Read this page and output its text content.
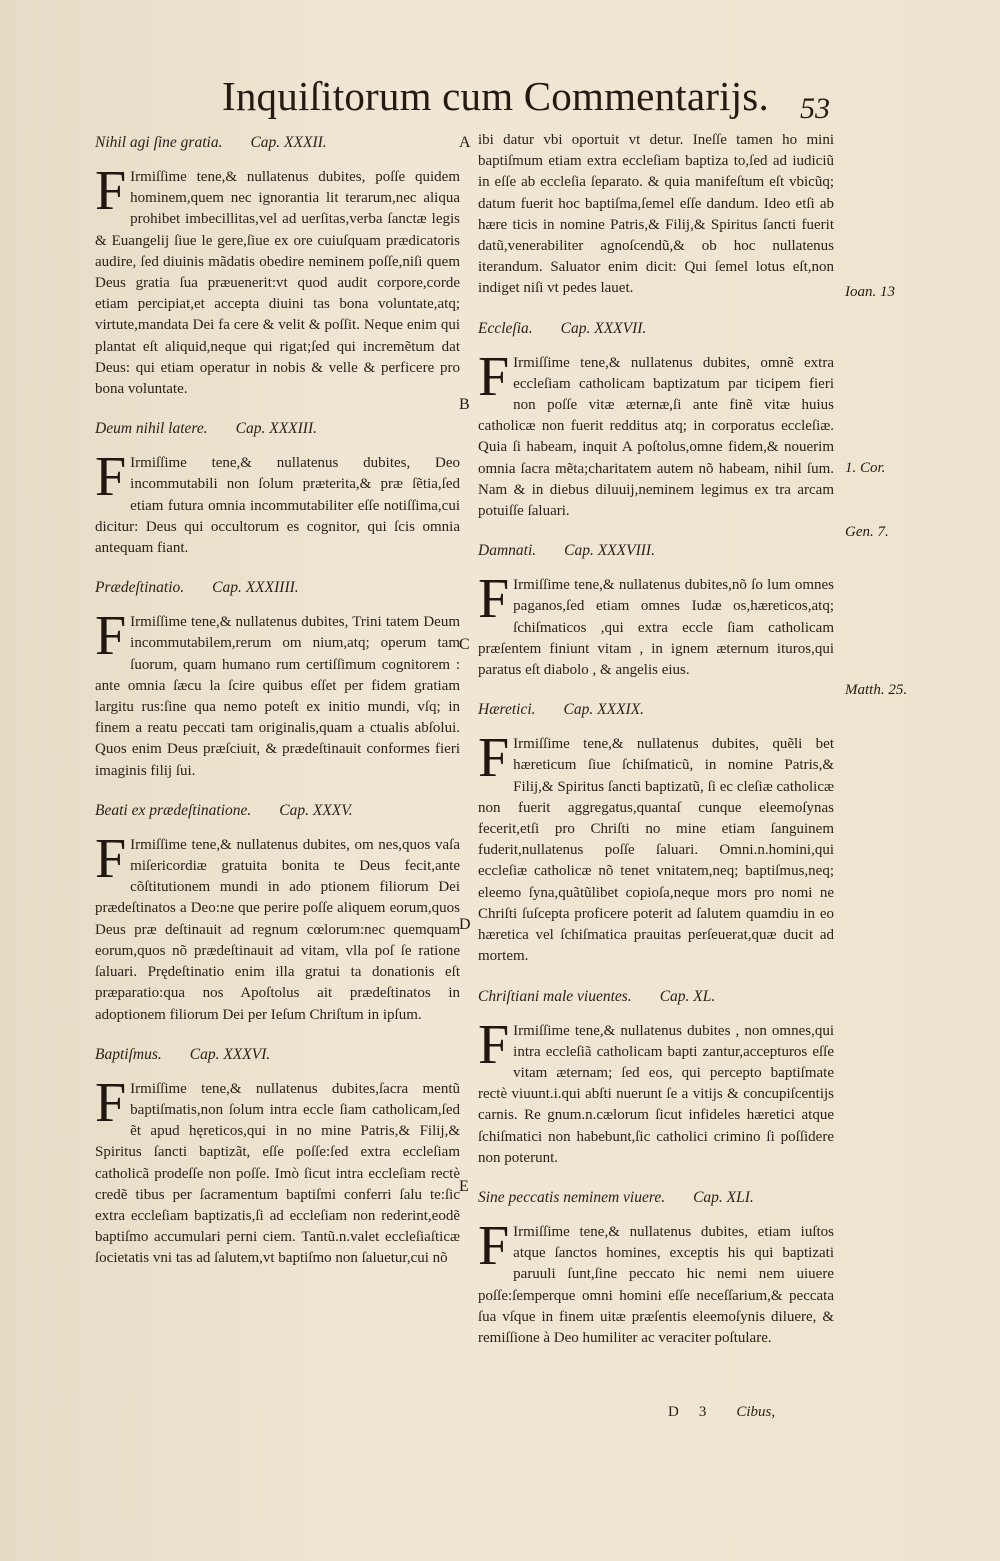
Inquiſitorum cum Commentarijs. 53
Nihil agi ſine gratia. Cap. XXXII.

F Irmiſſime tene,& nullatenus dubites, poſſe quidem hominem,quem nec ignorantia lit terarum,nec aliqua prohibet imbecillitas,vel ad uerſitas,verba ſanctæ legis & Euangelij ſiue le gere,ſiue ex ore cuiuſquam prædicatoris audire, ſed diuinis mãdatis obedire neminem poſſe,niſi quem Deus gratia ſua præuenerit:vt quod audit corpore,corde etiam percipiat,et accepta diuini tas bona voluntate,atq; virtute,mandata Dei fa cere & velit & poſſit. Neque enim qui plantat eſt aliquid,neque qui rigat;ſed qui incremẽtum dat Deus: qui etiam operatur in nobis & velle & perficere pro bona voluntate.

Deum nihil latere. Cap. XXXIII.

F Irmiſſime tene,& nullatenus dubites, Deo incommutabili non ſolum præterita,& præ ſẽtia,ſed etiam futura omnia incommutabiliter eſſe notiſſima,cui dicitur: Deus qui occultorum es cognitor, qui ſcis omnia antequam fiant.

Prædeſtinatio. Cap. XXXIIII.

F Irmiſſime tene,& nullatenus dubites, Trini tatem Deum incommutabilem,rerum om nium,atq; operum tam ſuorum, quam humano rum certiſſimum cognitorem : ante omnia ſæcu la ſcire quibus eſſet per fidem gratiam largitu rus:ſine qua nemo poteſt ex initio mundi, vſq; in finem a reatu peccati tam originalis,quam a ctualis abſolui. Quos enim Deus præſciuit, & prædeſtinauit conformes fieri imaginis filij ſui.

Beati ex prædeſtinatione. Cap. XXXV.

F Irmiſſime tene,& nullatenus dubites, om nes,quos vaſa miſericordiæ gratuita bonita te Deus fecit,ante cõſtitutionem mundi in ado ptionem filiorum Dei prædeſtinatos a Deo:ne que perire poſſe aliquem eorum,quos Deus præ deſtinauit ad regnum cœlorum:nec quemquam eorum,quos nõ prædeſtinauit ad vitam, vlla poſ ſe ratione ſaluari. Prędeſtinatio enim illa gratui ta donationis eſt præparatio:qua nos Apoſtolus ait prædeſtinatos in adoptionem filiorum Dei per Ieſum Chriſtum in ipſum.

Baptiſmus. Cap. XXXVI.

F Irmiſſime tene,& nullatenus dubites,ſacra mentũ baptiſmatis,non ſolum intra eccle ſiam catholicam,ſed ẽt apud hęreticos,qui in no mine Patris,& Filij,& Spiritus ſancti baptizãt, eſſe poſſe:ſed extra eccleſiam catholicã prodeſſe non poſſe. Imò ſicut intra eccleſiam rectè credẽ tibus per ſacramentum baptiſmi conferri ſalu te:ſic extra eccleſiam baptizatis,ſi ad eccleſiam non rederint,eodẽ baptiſmo accumulari perni ciem. Tantũ.n.valet eccleſiaſticæ ſocietatis vni tas ad ſalutem,vt baptiſmo non ſaluetur,cui nõ

ibi datur vbi oportuit vt detur. Ineſſe tamen ho mini baptiſmum etiam extra eccleſiam baptiza to,ſed ad iudiciũ in eſſe ab eccleſia ſeparato. & quia manifeſtum eſt vbicũq; datum fuerit hoc baptiſma,ſemel eſſe dandum. Ideo etſi ab hære ticis in nomine Patris,& Filij,& Spiritus ſancti fuerit datũ,venerabiliter agnoſcendũ,& ob hoc nullatenus iterandum. Saluator enim dicit: Qui ſemel lotus eſt,non indiget niſi vt pedes lauet.

Eccleſia. Cap. XXXVII.

F Irmiſſime tene,& nullatenus dubites, omnẽ extra eccleſiam catholicam baptizatum par ticipem fieri non poſſe vitæ æternæ,ſi ante finẽ vitæ huius catholicæ non fuerit redditus atq; in corporatus eccleſiæ. Quia ſi habeam, inquit A poſtolus,omne fidem,& nouerim omnia ſacra mẽta;charitatem autem nõ habeam, nihil ſum. Nam & in diebus diluuij,neminem legimus ex tra arcam potuiſſe ſaluari.

Damnati. Cap. XXXVIII.

F Irmiſſime tene,& nullatenus dubites,nõ ſo lum omnes paganos,ſed etiam omnes Iudæ os,hæreticos,atq; ſchiſmaticos ,qui extra eccle ſiam catholicam præſentem finiunt vitam , in ignem æternum ituros,qui paratus eſt diabolo , & angelis eius.

Hæretici. Cap. XXXIX.

F Irmiſſime tene,& nullatenus dubites, quẽli bet hæreticum ſiue ſchiſmaticũ, in nomine Patris,& Filij,& Spiritus ſancti baptizatũ, ſi ec cleſiæ catholicæ non fuerit aggregatus,quantaſ cunque eleemoſynas fecerit,etſi pro Chriſti no mine etiam ſanguinem fuderit,nullatenus poſſe ſaluari. Omni.n.homini,qui eccleſiæ catholicæ nõ tenet vnitatem,neq; baptiſmus,neq; eleemo ſyna,quãtũlibet copioſa,neque mors pro nomi ne Chriſti ſuſcepta proficere poterit ad ſalutem quamdiu in eo hæretica vel ſchiſmatica prauitas perſeuerat,quæ ducit ad mortem.

Chriſtiani male viuentes. Cap. XL.

F Irmiſſime tene,& nullatenus dubites , non omnes,qui intra eccleſiã catholicam bapti zantur,accepturos eſſe vitam æternam; ſed eos, qui percepto baptiſmate rectè viuunt.i.qui abſti nuerunt ſe a vitijs & concupiſcentijs carnis. Re gnum.n.cælorum ſicut infideles hæretici atque ſchiſmatici non habebunt,ſic catholici crimino ſi poſſidere non poterunt.

Sine peccatis neminem viuere. Cap. XLI.

F Irmiſſime tene,& nullatenus dubites, etiam iuſtos atque ſanctos homines, exceptis his qui baptizati paruuli ſunt,ſine peccato hic nemi nem uiuere poſſe:ſemperque omni homini eſſe neceſſarium,& peccata ſua vſque in finem uitæ præſentis eleemoſynis diluere, & remiſſione à Deo humiliter ac veraciter poſtulare.

A
B
C
D
E
Ioan. 13
1. Cor.
Gen. 7.
Matth. 25.
D 3 Cibus,
